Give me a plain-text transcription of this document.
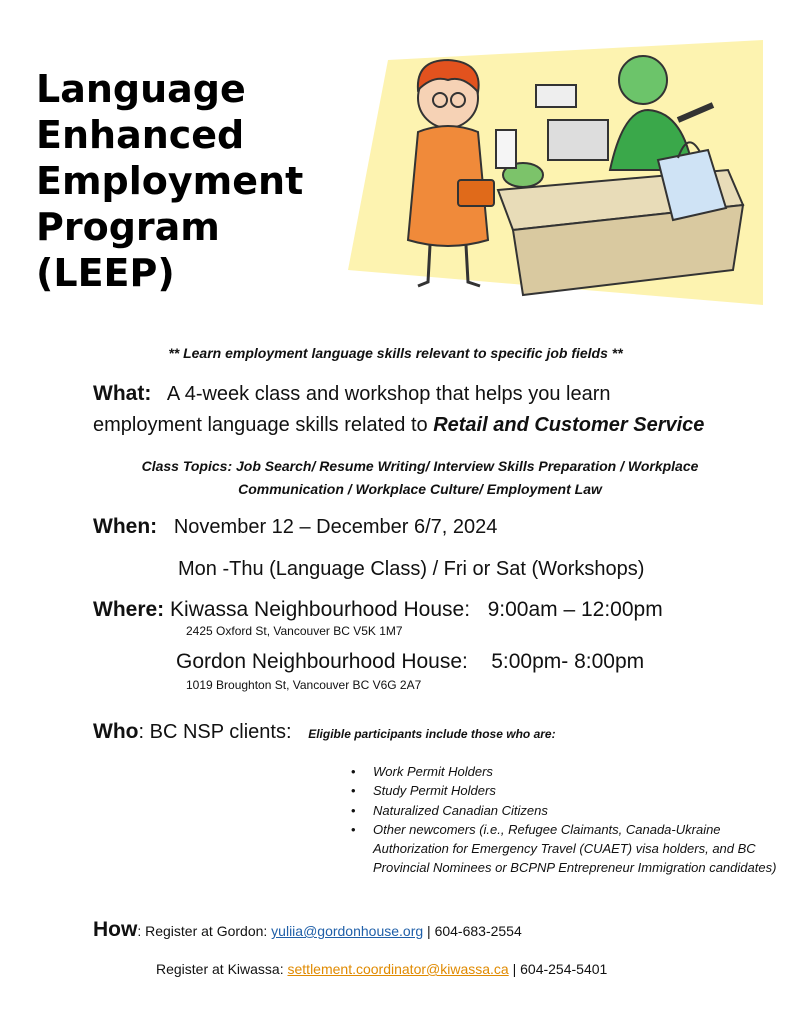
Language
Enhanced
Employment
Program
(LEEP)
** Learn employment language skills relevant to specific job fields **
What: A 4-week class and workshop that helps you learn
employment language skills related to Retail and Customer Service
Class Topics: Job Search/ Resume Writing/ Interview Skills Preparation / Workplace
Communication / Workplace Culture/ Employment Law
When: November 12 – December 6/7, 2024
Mon -Thu (Language Class) / Fri or Sat (Workshops)
Where: Kiwassa Neighbourhood House: 9:00am – 12:00pm
2425 Oxford St, Vancouver BC V5K 1M7
Gordon Neighbourhood House: 5:00pm- 8:00pm
1019 Broughton St, Vancouver BC V6G 2A7
Who: BC NSP clients: Eligible participants include those who are:
• Work Permit Holders
• Study Permit Holders
• Naturalized Canadian Citizens
• Other newcomers (i.e., Refugee Claimants, Canada-Ukraine Authorization for Emergency Travel (CUAET) visa holders, and BC Provincial Nominees or BCPNP Entrepreneur Immigration candidates)
How: Register at Gordon: yuliia@gordonhouse.org | 604-683-2554
Register at Kiwassa: settlement.coordinator@kiwassa.ca | 604-254-5401
